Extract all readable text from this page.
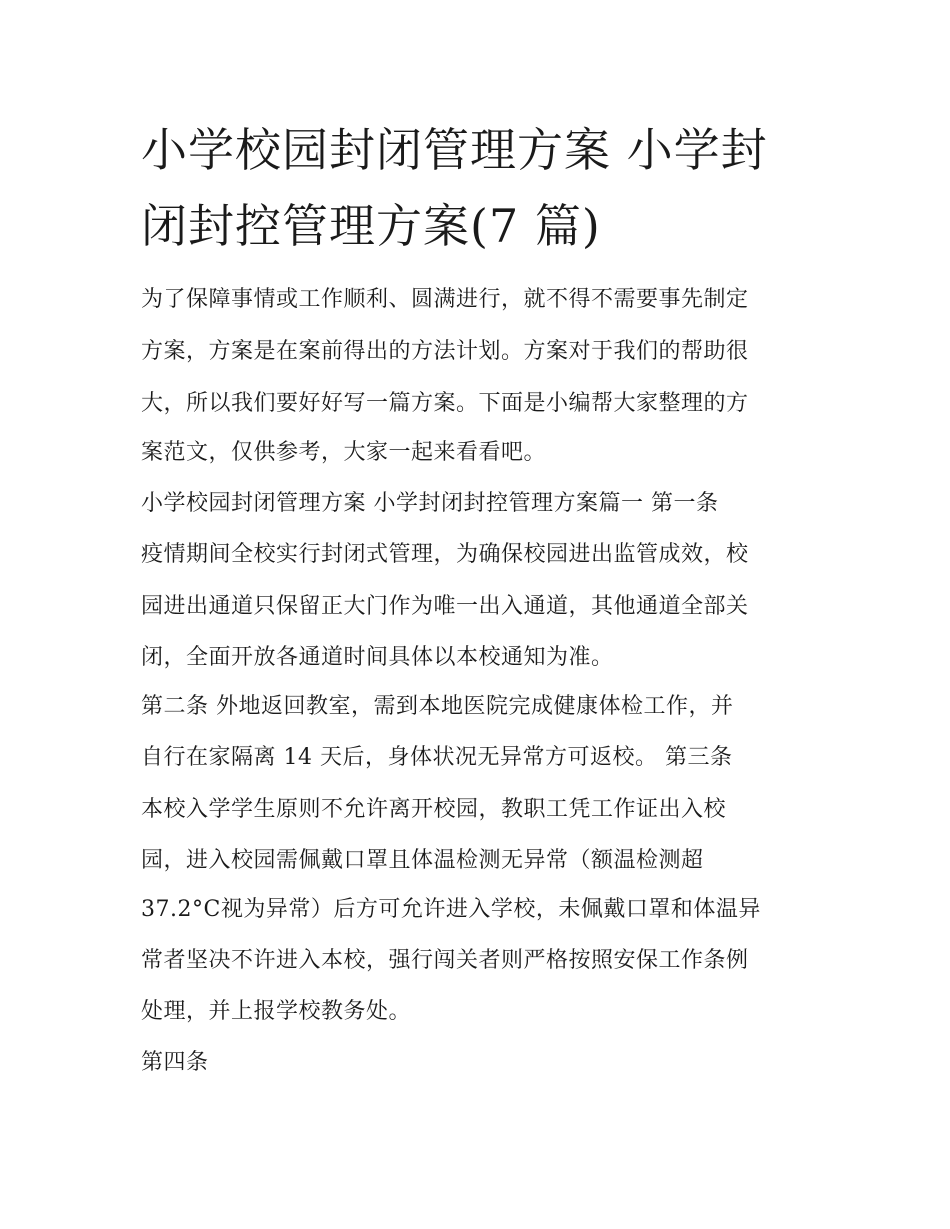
小学校园封闭管理方案 小学封
闭封控管理方案(7 篇)

为了保障事情或工作顺利、圆满进行，就不得不需要事先制定

方案，方案是在案前得出的方法计划。方案对于我们的帮助很

大，所以我们要好好写一篇方案。下面是小编帮大家整理的方

案范文，仅供参考，大家一起来看看吧。

小学校园封闭管理方案 小学封闭封控管理方案篇一 第一条

疫情期间全校实行封闭式管理，为确保校园进出监管成效，校

园进出通道只保留正大门作为唯一出入通道，其他通道全部关

闭，全面开放各通道时间具体以本校通知为准。

第二条 外地返回教室，需到本地医院完成健康体检工作，并

自行在家隔离 14 天后，身体状况无异常方可返校。 第三条

本校入学学生原则不允许离开校园，教职工凭工作证出入校

园，进入校园需佩戴口罩且体温检测无异常（额温检测超

37.2°C视为异常）后方可允许进入学校，未佩戴口罩和体温异

常者坚决不许进入本校，强行闯关者则严格按照安保工作条例

处理，并上报学校教务处。

第四条
